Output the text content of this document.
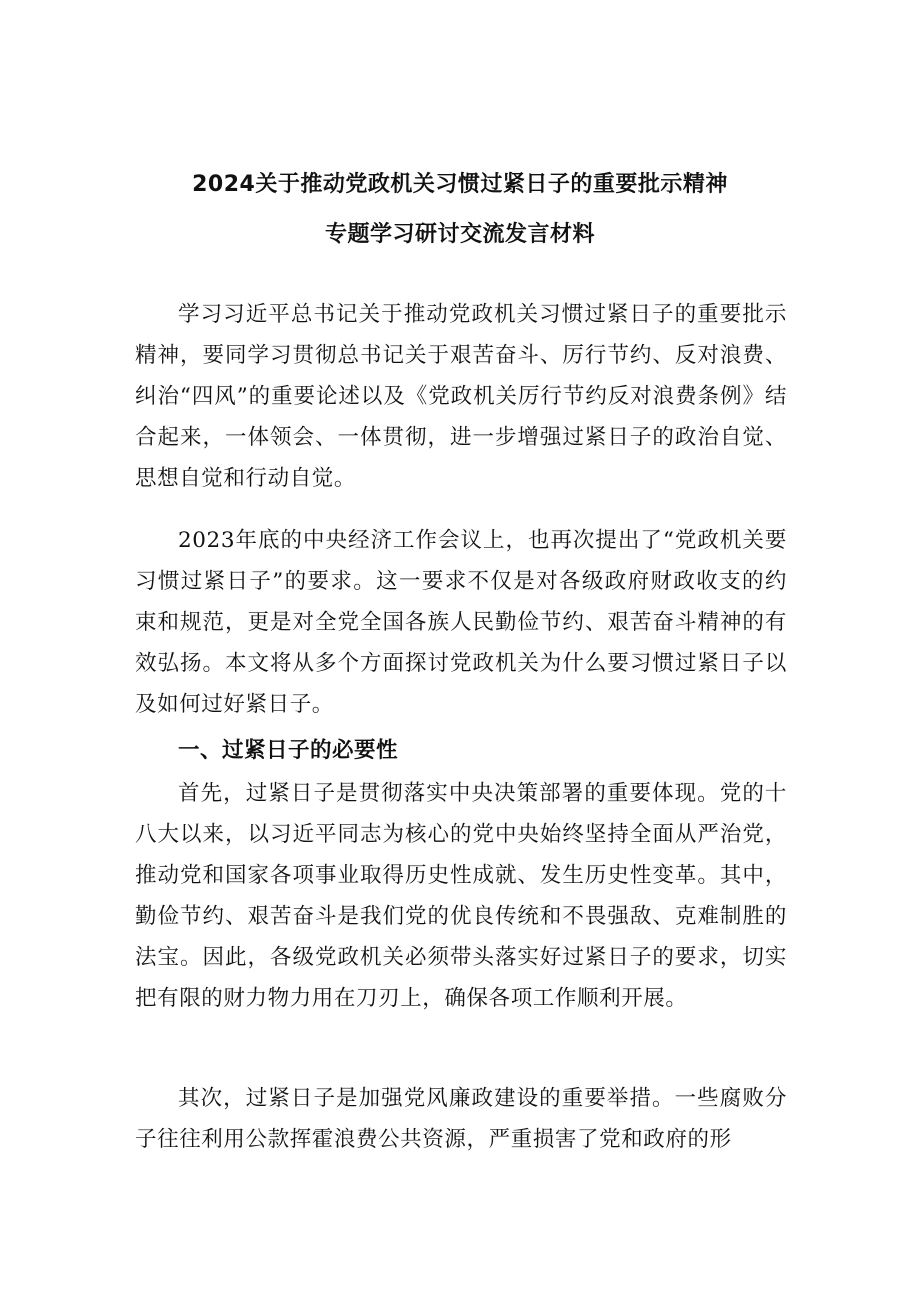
2024关于推动党政机关习惯过紧日子的重要批示精神
专题学习研讨交流发言材料

学习习近平总书记关于推动党政机关习惯过紧日子的重要批示精神，要同学习贯彻总书记关于艰苦奋斗、厉行节约、反对浪费、纠治“四风”的重要论述以及《党政机关厉行节约反对浪费条例》结合起来，一体领会、一体贯彻，进一步增强过紧日子的政治自觉、思想自觉和行动自觉。

2023年底的中央经济工作会议上，也再次提出了“党政机关要习惯过紧日子”的要求。这一要求不仅是对各级政府财政收支的约束和规范，更是对全党全国各族人民勤俭节约、艰苦奋斗精神的有效弘扬。本文将从多个方面探讨党政机关为什么要习惯过紧日子以及如何过好紧日子。

一、过紧日子的必要性

首先，过紧日子是贯彻落实中央决策部署的重要体现。党的十八大以来，以习近平同志为核心的党中央始终坚持全面从严治党，推动党和国家各项事业取得历史性成就、发生历史性变革。其中，勤俭节约、艰苦奋斗是我们党的优良传统和不畏强敌、克难制胜的法宝。因此，各级党政机关必须带头落实好过紧日子的要求，切实把有限的财力物力用在刀刃上，确保各项工作顺利开展。

其次，过紧日子是加强党风廉政建设的重要举措。一些腐败分子往往利用公款挥霍浪费公共资源，严重损害了党和政府的形
